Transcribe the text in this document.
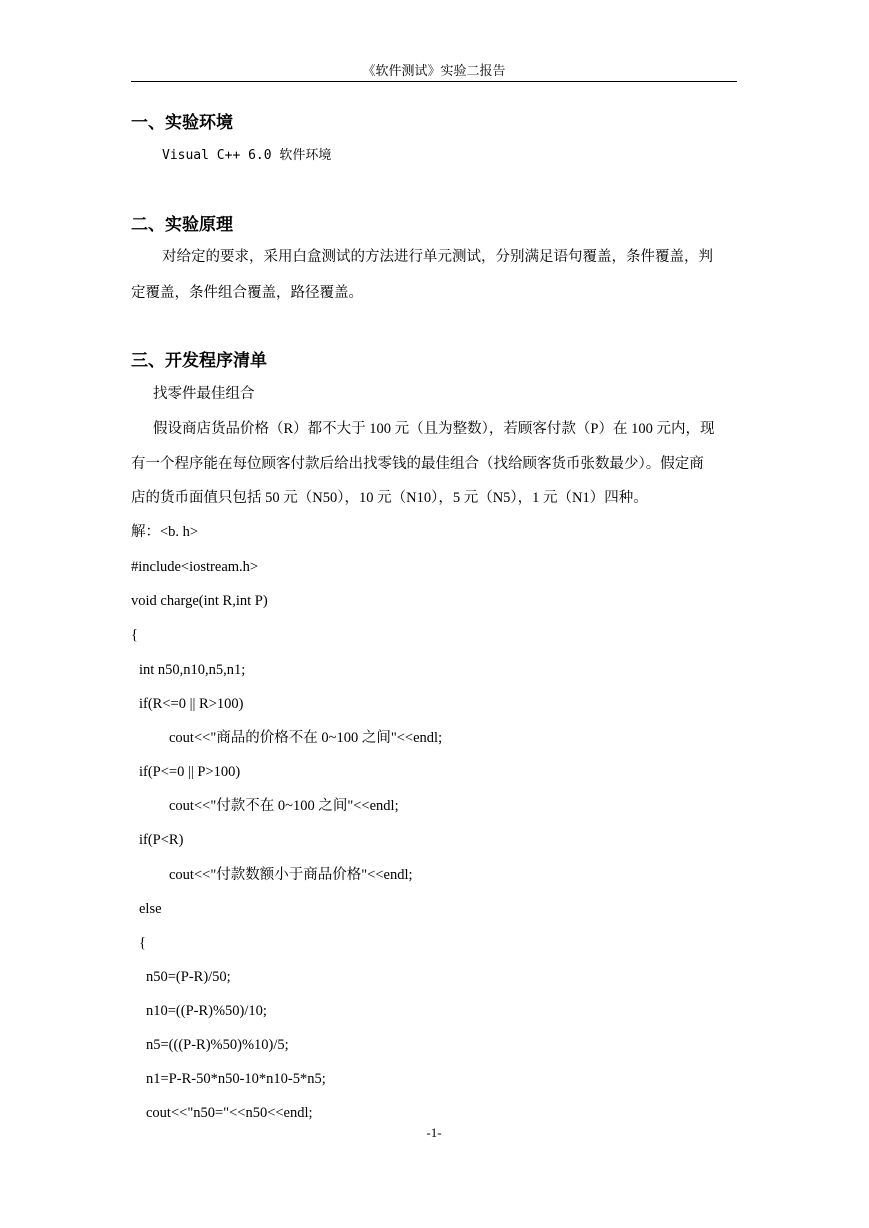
《软件测试》实验二报告
一、实验环境
Visual C++ 6.0 软件环境
二、实验原理
对给定的要求，采用白盒测试的方法进行单元测试，分别满足语句覆盖，条件覆盖，判
定覆盖，条件组合覆盖，路径覆盖。
三、开发程序清单
找零件最佳组合
假设商店货品价格（R）都不大于 100 元（且为整数），若顾客付款（P）在 100 元内，现
有一个程序能在每位顾客付款后给出找零钱的最佳组合（找给顾客货币张数最少）。假定商
店的货币面值只包括 50 元（N50），10 元（N10），5 元（N5），1 元（N1）四种。
解：<b. h>
#include<iostream.h>
void charge(int R,int P)
{
int n50,n10,n5,n1;
if(R<=0 || R>100)
cout<<"商品的价格不在 0~100 之间"<<endl;
if(P<=0 || P>100)
cout<<"付款不在 0~100 之间"<<endl;
if(P<R)
cout<<"付款数额小于商品价格"<<endl;
else
{
n50=(P-R)/50;
n10=((P-R)%50)/10;
n5=(((P-R)%50)%10)/5;
n1=P-R-50*n50-10*n10-5*n5;
cout<<"n50="<<n50<<endl;
-1-
